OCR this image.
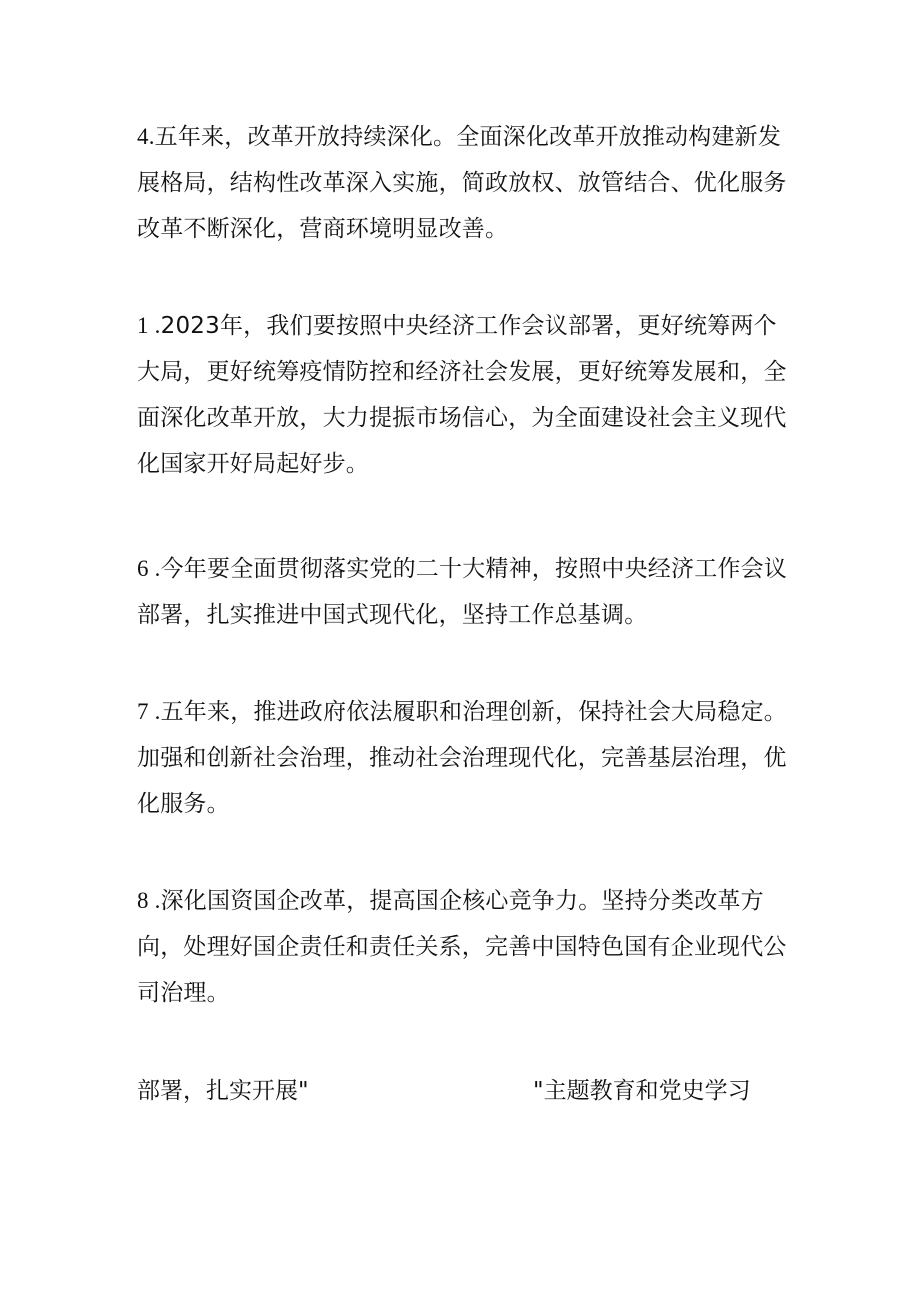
4.五年来，改革开放持续深化。全面深化改革开放推动构建新发展格局，结构性改革深入实施，简政放权、放管结合、优化服务改革不断深化，营商环境明显改善。

1 .2023年，我们要按照中央经济工作会议部署，更好统筹两个大局，更好统筹疫情防控和经济社会发展，更好统筹发展和，全面深化改革开放，大力提振市场信心，为全面建设社会主义现代化国家开好局起好步。

6 .今年要全面贯彻落实党的二十大精神，按照中央经济工作会议部署，扎实推进中国式现代化，坚持工作总基调。

7 .五年来，推进政府依法履职和治理创新，保持社会大局稳定。加强和创新社会治理，推动社会治理现代化，完善基层治理，优化服务。

8 .深化国资国企改革，提高国企核心竞争力。坚持分类改革方向，处理好国企责任和责任关系，完善中国特色国有企业现代公司治理。

部署，扎实开展"	"主题教育和党史学习
